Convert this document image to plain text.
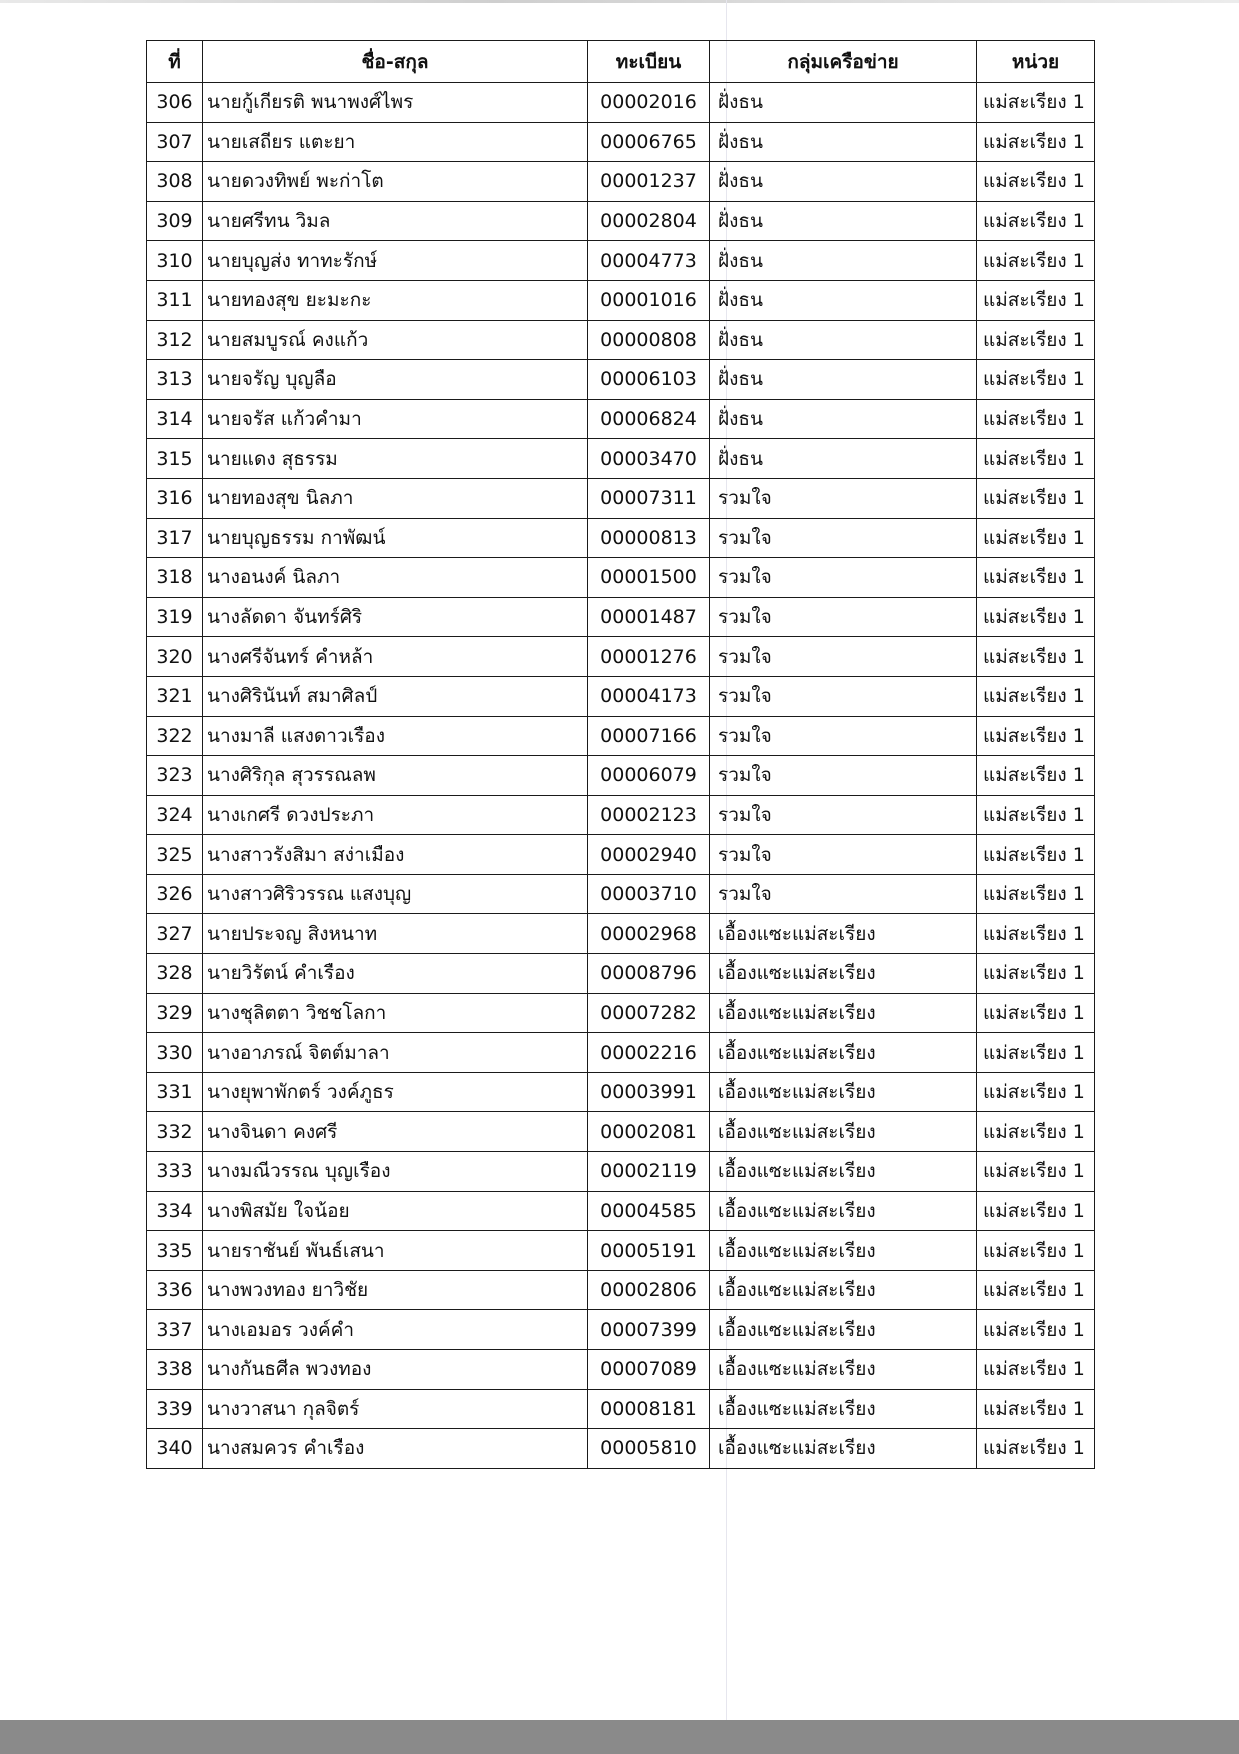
ที่	ชื่อ-สกุล	ทะเบียน	กลุ่มเครือข่าย	หน่วย
306	นายกู้เกียรติ พนาพงศ์ไพร	00002016	ฝั่งธน	แม่สะเรียง 1
307	นายเสถียร แตะยา	00006765	ฝั่งธน	แม่สะเรียง 1
308	นายดวงทิพย์ พะก่าโต	00001237	ฝั่งธน	แม่สะเรียง 1
309	นายศรีทน วิมล	00002804	ฝั่งธน	แม่สะเรียง 1
310	นายบุญส่ง ทาทะรักษ์	00004773	ฝั่งธน	แม่สะเรียง 1
311	นายทองสุข ยะมะกะ	00001016	ฝั่งธน	แม่สะเรียง 1
312	นายสมบูรณ์ คงแก้ว	00000808	ฝั่งธน	แม่สะเรียง 1
313	นายจรัญ บุญลือ	00006103	ฝั่งธน	แม่สะเรียง 1
314	นายจรัส แก้วคำมา	00006824	ฝั่งธน	แม่สะเรียง 1
315	นายแดง สุธรรม	00003470	ฝั่งธน	แม่สะเรียง 1
316	นายทองสุข นิลภา	00007311	รวมใจ	แม่สะเรียง 1
317	นายบุญธรรม กาพัฒน์	00000813	รวมใจ	แม่สะเรียง 1
318	นางอนงค์ นิลภา	00001500	รวมใจ	แม่สะเรียง 1
319	นางลัดดา จันทร์ศิริ	00001487	รวมใจ	แม่สะเรียง 1
320	นางศรีจันทร์ คำหล้า	00001276	รวมใจ	แม่สะเรียง 1
321	นางศิรินันท์ สมาศิลป์	00004173	รวมใจ	แม่สะเรียง 1
322	นางมาลี แสงดาวเรือง	00007166	รวมใจ	แม่สะเรียง 1
323	นางศิริกุล สุวรรณลพ	00006079	รวมใจ	แม่สะเรียง 1
324	นางเกศรี ดวงประภา	00002123	รวมใจ	แม่สะเรียง 1
325	นางสาวรังสิมา สง่าเมือง	00002940	รวมใจ	แม่สะเรียง 1
326	นางสาวศิริวรรณ แสงบุญ	00003710	รวมใจ	แม่สะเรียง 1
327	นายประจญ สิงหนาท	00002968	เอื้องแซะแม่สะเรียง	แม่สะเรียง 1
328	นายวิรัตน์ คำเรือง	00008796	เอื้องแซะแม่สะเรียง	แม่สะเรียง 1
329	นางชุลิตตา วิชชโลกา	00007282	เอื้องแซะแม่สะเรียง	แม่สะเรียง 1
330	นางอาภรณ์ จิตต์มาลา	00002216	เอื้องแซะแม่สะเรียง	แม่สะเรียง 1
331	นางยุพาพักตร์ วงค์ภูธร	00003991	เอื้องแซะแม่สะเรียง	แม่สะเรียง 1
332	นางจินดา คงศรี	00002081	เอื้องแซะแม่สะเรียง	แม่สะเรียง 1
333	นางมณีวรรณ บุญเรือง	00002119	เอื้องแซะแม่สะเรียง	แม่สะเรียง 1
334	นางพิสมัย ใจน้อย	00004585	เอื้องแซะแม่สะเรียง	แม่สะเรียง 1
335	นายราชันย์ พันธ์เสนา	00005191	เอื้องแซะแม่สะเรียง	แม่สะเรียง 1
336	นางพวงทอง ยาวิชัย	00002806	เอื้องแซะแม่สะเรียง	แม่สะเรียง 1
337	นางเอมอร วงค์คำ	00007399	เอื้องแซะแม่สะเรียง	แม่สะเรียง 1
338	นางกันธศีล พวงทอง	00007089	เอื้องแซะแม่สะเรียง	แม่สะเรียง 1
339	นางวาสนา กุลจิตร์	00008181	เอื้องแซะแม่สะเรียง	แม่สะเรียง 1
340	นางสมควร คำเรือง	00005810	เอื้องแซะแม่สะเรียง	แม่สะเรียง 1
